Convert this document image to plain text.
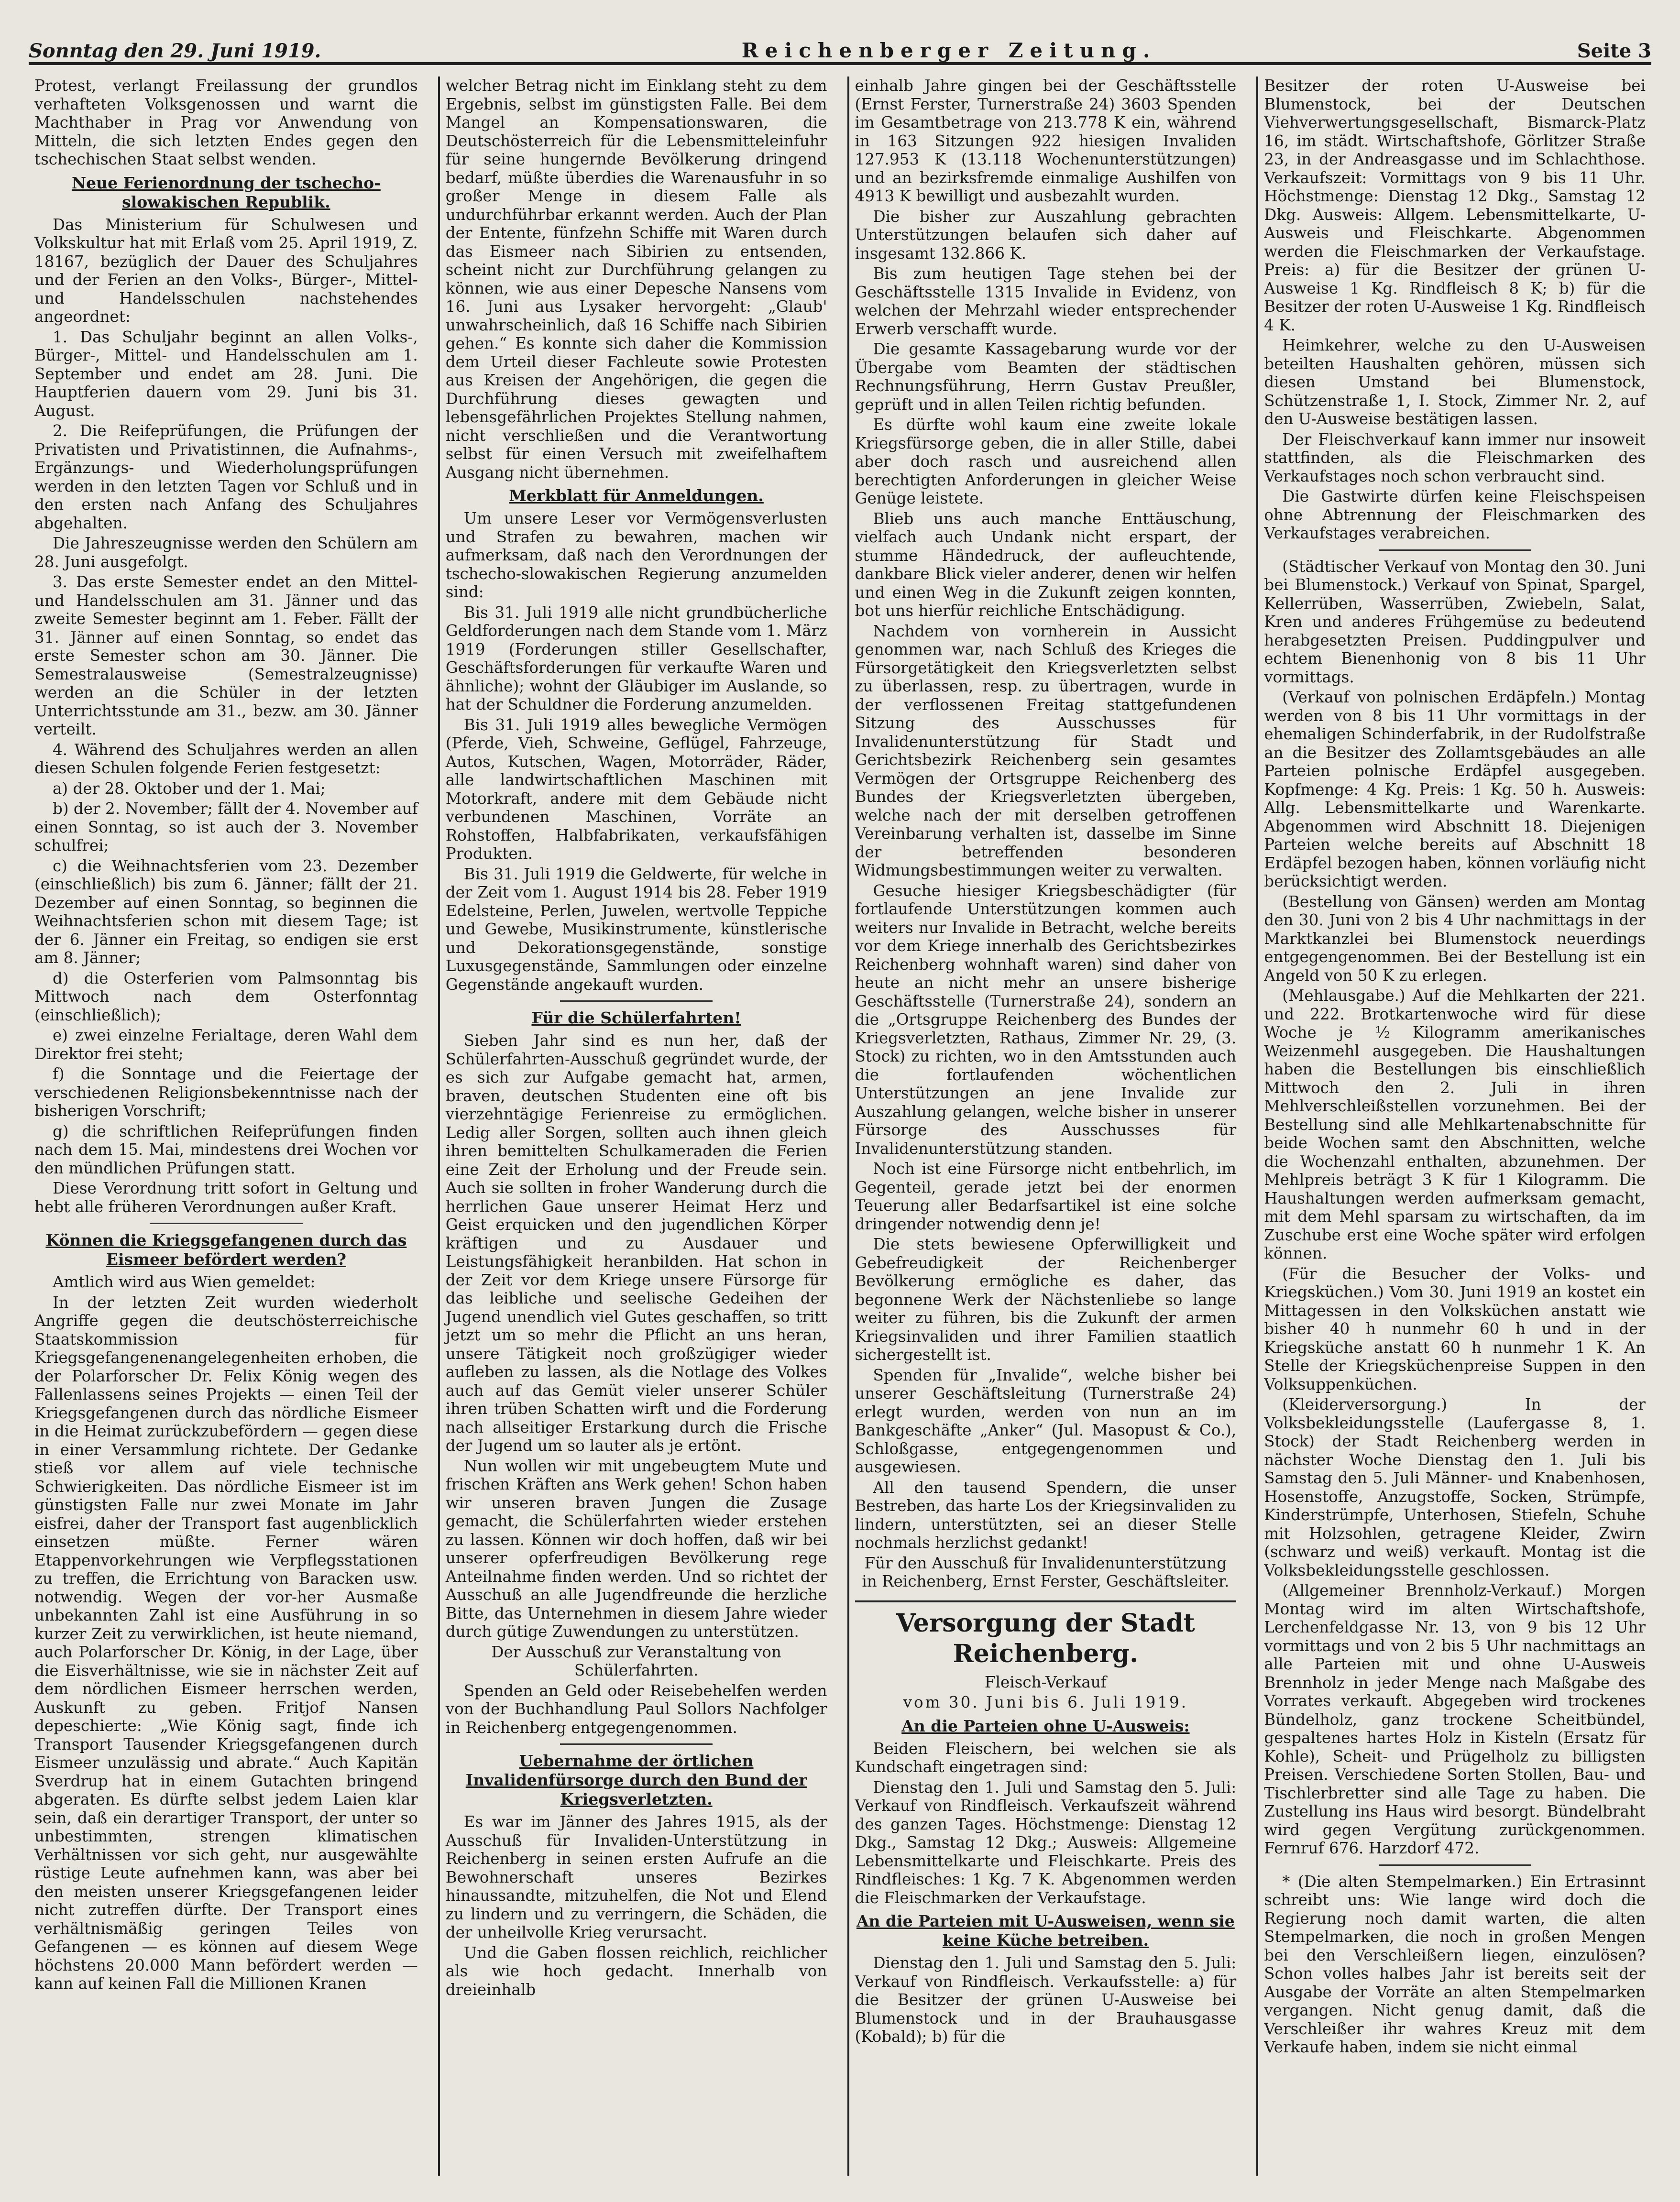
Sonntag den 29. Juni 1919.	Reichenberger Zeitung.	Seite 3

Protest, verlangt Freilassung der grundlos verhafteten Volksgenossen und warnt die Machthaber in Prag vor Anwendung von Mitteln, die sich letzten Endes gegen den tschechischen Staat selbst wenden.

Neue Ferienordnung der tschecho-slowakischen Republik.

Das Ministerium für Schulwesen und Volkskultur hat mit Erlaß vom 25. April 1919, Z. 18167, bezüglich der Dauer des Schuljahres und der Ferien an den Volks-, Bürger-, Mittel- und Handelsschulen nachstehendes angeordnet:

1. Das Schuljahr beginnt an allen Volks-, Bürger-, Mittel- und Handelsschulen am 1. September und endet am 28. Juni. Die Hauptferien dauern vom 29. Juni bis 31. August.

2. Die Reifeprüfungen, die Prüfungen der Privatisten und Privatistinnen, die Aufnahms-, Ergänzungs- und Wiederholungsprüfungen werden in den letzten Tagen vor Schluß und in den ersten nach Anfang des Schuljahres abgehalten.

Die Jahreszeugnisse werden den Schülern am 28. Juni ausgefolgt.

3. Das erste Semester endet an den Mittel- und Handelsschulen am 31. Jänner und das zweite Semester beginnt am 1. Feber. Fällt der 31. Jänner auf einen Sonntag, so endet das erste Semester schon am 30. Jänner. Die Semestralausweise (Semestralzeugnisse) werden an die Schüler in der letzten Unterrichtsstunde am 31., bezw. am 30. Jänner verteilt.

4. Während des Schuljahres werden an allen diesen Schulen folgende Ferien festgesetzt:

a) der 28. Oktober und der 1. Mai;

b) der 2. November; fällt der 4. November auf einen Sonntag, so ist auch der 3. November schulfrei;

c) die Weihnachtsferien vom 23. Dezember (einschließlich) bis zum 6. Jänner; fällt der 21. Dezember auf einen Sonntag, so beginnen die Weihnachtsferien schon mit diesem Tage; ist der 6. Jänner ein Freitag, so endigen sie erst am 8. Jänner;

d) die Osterferien vom Palmsonntag bis Mittwoch nach dem Osterfonntag (einschließlich);

e) zwei einzelne Ferialtage, deren Wahl dem Direktor frei steht;

f) die Sonntage und die Feiertage der verschiedenen Religionsbekenntnisse nach der bisherigen Vorschrift;

g) die schriftlichen Reifeprüfungen finden nach dem 15. Mai, mindestens drei Wochen vor den mündlichen Prüfungen statt.

Diese Verordnung tritt sofort in Geltung und hebt alle früheren Verordnungen außer Kraft.

Können die Kriegsgefangenen durch das Eismeer befördert werden?

Amtlich wird aus Wien gemeldet:

In der letzten Zeit wurden wiederholt Angriffe gegen die deutschösterreichische Staatskommission für Kriegsgefangenenangelegenheiten erhoben, die der Polarforscher Dr. Felix König wegen des Fallenlassens seines Projekts — einen Teil der Kriegsgefangenen durch das nördliche Eismeer in die Heimat zurückzubefördern — gegen diese in einer Versammlung richtete. Der Gedanke stieß vor allem auf viele technische Schwierigkeiten. Das nördliche Eismeer ist im günstigsten Falle nur zwei Monate im Jahr eisfrei, daher der Transport fast augenblicklich einsetzen müßte. Ferner wären Etappenvorkehrungen wie Verpflegsstationen zu treffen, die Errichtung von Baracken usw. notwendig. Wegen der vor-her Ausmaße unbekannten Zahl ist eine Ausführung in so kurzer Zeit zu verwirklichen, ist heute niemand, auch Polarforscher Dr. König, in der Lage, über die Eisverhältnisse, wie sie in nächster Zeit auf dem nördlichen Eismeer herrschen werden, Auskunft zu geben. Fritjof Nansen depeschierte: „Wie König sagt, finde ich Transport Tausender Kriegsgefangenen durch Eismeer unzulässig und abrate.“ Auch Kapitän Sverdrup hat in einem Gutachten bringend abgeraten. Es dürfte selbst jedem Laien klar sein, daß ein derartiger Transport, der unter so unbestimmten, strengen klimatischen Verhältnissen vor sich geht, nur ausgewählte rüstige Leute aufnehmen kann, was aber bei den meisten unserer Kriegsgefangenen leider nicht zutreffen dürfte. Der Transport eines verhältnismäßig geringen Teiles von Gefangenen — es können auf diesem Wege höchstens 20.000 Mann befördert werden — kann auf keinen Fall die Millionen Kranen

welcher Betrag nicht im Einklang steht zu dem Ergebnis, selbst im günstigsten Falle. Bei dem Mangel an Kompensationswaren, die Deutschösterreich für die Lebensmitteleinfuhr für seine hungernde Bevölkerung dringend bedarf, müßte überdies die Warenausfuhr in so großer Menge in diesem Falle als undurchführbar erkannt werden. Auch der Plan der Entente, fünfzehn Schiffe mit Waren durch das Eismeer nach Sibirien zu entsenden, scheint nicht zur Durchführung gelangen zu können, wie aus einer Depesche Nansens vom 16. Juni aus Lysaker hervorgeht: „Glaub' unwahrscheinlich, daß 16 Schiffe nach Sibirien gehen.“ Es konnte sich daher die Kommission dem Urteil dieser Fachleute sowie Protesten aus Kreisen der Angehörigen, die gegen die Durchführung dieses gewagten und lebensgefährlichen Projektes Stellung nahmen, nicht verschließen und die Verantwortung selbst für einen Versuch mit zweifelhaftem Ausgang nicht übernehmen.

Merkblatt für Anmeldungen.

Um unsere Leser vor Vermögensverlusten und Strafen zu bewahren, machen wir aufmerksam, daß nach den Verordnungen der tschecho-slowakischen Regierung anzumelden sind:

Bis 31. Juli 1919 alle nicht grundbücherliche Geldforderungen nach dem Stande vom 1. März 1919 (Forderungen stiller Gesellschafter, Geschäftsforderungen für verkaufte Waren und ähnliche); wohnt der Gläubiger im Auslande, so hat der Schuldner die Forderung anzumelden.

Bis 31. Juli 1919 alles bewegliche Vermögen (Pferde, Vieh, Schweine, Geflügel, Fahrzeuge, Autos, Kutschen, Wagen, Motorräder, Räder, alle landwirtschaftlichen Maschinen mit Motorkraft, andere mit dem Gebäude nicht verbundenen Maschinen, Vorräte an Rohstoffen, Halbfabrikaten, verkaufsfähigen Produkten.

Bis 31. Juli 1919 die Geldwerte, für welche in der Zeit vom 1. August 1914 bis 28. Feber 1919 Edelsteine, Perlen, Juwelen, wertvolle Teppiche und Gewebe, Musikinstrumente, künstlerische und Dekorationsgegenstände, sonstige Luxusgegenstände, Sammlungen oder einzelne Gegenstände angekauft wurden.

Für die Schülerfahrten!

Sieben Jahr sind es nun her, daß der Schülerfahrten-Ausschuß gegründet wurde, der es sich zur Aufgabe gemacht hat, armen, braven, deutschen Studenten eine oft bis vierzehntägige Ferienreise zu ermöglichen. Ledig aller Sorgen, sollten auch ihnen gleich ihren bemittelten Schulkameraden die Ferien eine Zeit der Erholung und der Freude sein. Auch sie sollten in froher Wanderung durch die herrlichen Gaue unserer Heimat Herz und Geist erquicken und den jugendlichen Körper kräftigen und zu Ausdauer und Leistungsfähigkeit heranbilden. Hat schon in der Zeit vor dem Kriege unsere Fürsorge für das leibliche und seelische Gedeihen der Jugend unendlich viel Gutes geschaffen, so tritt jetzt um so mehr die Pflicht an uns heran, unsere Tätigkeit noch großzügiger wieder aufleben zu lassen, als die Notlage des Volkes auch auf das Gemüt vieler unserer Schüler ihren trüben Schatten wirft und die Forderung nach allseitiger Erstarkung durch die Frische der Jugend um so lauter als je ertönt.

Nun wollen wir mit ungebeugtem Mute und frischen Kräften ans Werk gehen! Schon haben wir unseren braven Jungen die Zusage gemacht, die Schülerfahrten wieder erstehen zu lassen. Können wir doch hoffen, daß wir bei unserer opferfreudigen Bevölkerung rege Anteilnahme finden werden. Und so richtet der Ausschuß an alle Jugendfreunde die herzliche Bitte, das Unternehmen in diesem Jahre wieder durch gütige Zuwendungen zu unterstützen.

Der Ausschuß zur Veranstaltung von Schülerfahrten.

Spenden an Geld oder Reisebehelfen werden von der Buchhandlung Paul Sollors Nachfolger in Reichenberg entgegengenommen.

Uebernahme der örtlichen Invalidenfürsorge durch den Bund der Kriegsverletzten.

Es war im Jänner des Jahres 1915, als der Ausschuß für Invaliden-Unterstützung in Reichenberg in seinen ersten Aufrufe an die Bewohnerschaft unseres Bezirkes hinaussandte, mitzuhelfen, die Not und Elend zu lindern und zu verringern, die Schäden, die der unheilvolle Krieg verursacht.

Und die Gaben flossen reichlich, reichlicher als wie hoch gedacht. Innerhalb von dreieinhalb

einhalb Jahre gingen bei der Geschäftsstelle (Ernst Ferster, Turnerstraße 24) 3603 Spenden im Gesamtbetrage von 213.778 K ein, während in 163 Sitzungen 922 hiesigen Invaliden 127.953 K (13.118 Wochenunterstützungen) und an bezirksfremde einmalige Aushilfen von 4913 K bewilligt und ausbezahlt wurden.

Die bisher zur Auszahlung gebrachten Unterstützungen belaufen sich daher auf insgesamt 132.866 K.

Bis zum heutigen Tage stehen bei der Geschäftsstelle 1315 Invalide in Evidenz, von welchen der Mehrzahl wieder entsprechender Erwerb verschafft wurde.

Die gesamte Kassagebarung wurde vor der Übergabe vom Beamten der städtischen Rechnungsführung, Herrn Gustav Preußler, geprüft und in allen Teilen richtig befunden.

Es dürfte wohl kaum eine zweite lokale Kriegsfürsorge geben, die in aller Stille, dabei aber doch rasch und ausreichend allen berechtigten Anforderungen in gleicher Weise Genüge leistete.

Blieb uns auch manche Enttäuschung, vielfach auch Undank nicht erspart, der stumme Händedruck, der aufleuchtende, dankbare Blick vieler anderer, denen wir helfen und einen Weg in die Zukunft zeigen konnten, bot uns hierfür reichliche Entschädigung.

Nachdem von vornherein in Aussicht genommen war, nach Schluß des Krieges die Fürsorgetätigkeit den Kriegsverletzten selbst zu überlassen, resp. zu übertragen, wurde in der verflossenen Freitag stattgefundenen Sitzung des Ausschusses für Invalidenunterstützung für Stadt und Gerichtsbezirk Reichenberg sein gesamtes Vermögen der Ortsgruppe Reichenberg des Bundes der Kriegsverletzten übergeben, welche nach der mit derselben getroffenen Vereinbarung verhalten ist, dasselbe im Sinne der betreffenden besonderen Widmungsbestimmungen weiter zu verwalten.

Gesuche hiesiger Kriegsbeschädigter (für fortlaufende Unterstützungen kommen auch weiters nur Invalide in Betracht, welche bereits vor dem Kriege innerhalb des Gerichtsbezirkes Reichenberg wohnhaft waren) sind daher von heute an nicht mehr an unsere bisherige Geschäftsstelle (Turnerstraße 24), sondern an die „Ortsgruppe Reichenberg des Bundes der Kriegsverletzten, Rathaus, Zimmer Nr. 29, (3. Stock) zu richten, wo in den Amtsstunden auch die fortlaufenden wöchentlichen Unterstützungen an jene Invalide zur Auszahlung gelangen, welche bisher in unserer Fürsorge des Ausschusses für Invalidenunterstützung standen.

Noch ist eine Fürsorge nicht entbehrlich, im Gegenteil, gerade jetzt bei der enormen Teuerung aller Bedarfsartikel ist eine solche dringender notwendig denn je!

Die stets bewiesene Opferwilligkeit und Gebefreudigkeit der Reichenberger Bevölkerung ermögliche es daher, das begonnene Werk der Nächstenliebe so lange weiter zu führen, bis die Zukunft der armen Kriegsinvaliden und ihrer Familien staatlich sichergestellt ist.

Spenden für „Invalide“, welche bisher bei unserer Geschäftsleitung (Turnerstraße 24) erlegt wurden, werden von nun an im Bankgeschäfte „Anker“ (Jul. Masopust & Co.), Schloßgasse, entgegengenommen und ausgewiesen.

All den tausend Spendern, die unser Bestreben, das harte Los der Kriegsinvaliden zu lindern, unterstützten, sei an dieser Stelle nochmals herzlichst gedankt!

Für den Ausschuß für Invalidenunterstützung in Reichenberg, Ernst Ferster, Geschäftsleiter.

Versorgung der Stadt Reichenberg.

Fleisch-Verkauf

vom 30. Juni bis 6. Juli 1919.

An die Parteien ohne U-Ausweis:

Beiden Fleischern, bei welchen sie als Kundschaft eingetragen sind:

Dienstag den 1. Juli und Samstag den 5. Juli: Verkauf von Rindfleisch. Verkaufszeit während des ganzen Tages. Höchstmenge: Dienstag 12 Dkg., Samstag 12 Dkg.; Ausweis: Allgemeine Lebensmittelkarte und Fleischkarte. Preis des Rindfleisches: 1 Kg. 7 K. Abgenommen werden die Fleischmarken der Verkaufstage.

An die Parteien mit U-Ausweisen, wenn sie keine Küche betreiben.

Dienstag den 1. Juli und Samstag den 5. Juli: Verkauf von Rindfleisch. Verkaufsstelle: a) für die Besitzer der grünen U-Ausweise bei Blumenstock und in der Brauhausgasse (Kobald); b) für die

Besitzer der roten U-Ausweise bei Blumenstock, bei der Deutschen Viehverwertungsgesellschaft, Bismarck-Platz 16, im städt. Wirtschaftshofe, Görlitzer Straße 23, in der Andreasgasse und im Schlachthose. Verkaufszeit: Vormittags von 9 bis 11 Uhr. Höchstmenge: Dienstag 12 Dkg., Samstag 12 Dkg. Ausweis: Allgem. Lebensmittelkarte, U-Ausweis und Fleischkarte. Abgenommen werden die Fleischmarken der Verkaufstage. Preis: a) für die Besitzer der grünen U-Ausweise 1 Kg. Rindfleisch 8 K; b) für die Besitzer der roten U-Ausweise 1 Kg. Rindfleisch 4 K.

Heimkehrer, welche zu den U-Ausweisen beteilten Haushalten gehören, müssen sich diesen Umstand bei Blumenstock, Schützenstraße 1, I. Stock, Zimmer Nr. 2, auf den U-Ausweise bestätigen lassen.

Der Fleischverkauf kann immer nur insoweit stattfinden, als die Fleischmarken des Verkaufstages noch schon verbraucht sind.

Die Gastwirte dürfen keine Fleischspeisen ohne Abtrennung der Fleischmarken des Verkaufstages verabreichen.

(Städtischer Verkauf von Montag den 30. Juni bei Blumenstock.) Verkauf von Spinat, Spargel, Kellerrüben, Wasserrüben, Zwiebeln, Salat, Kren und anderes Frühgemüse zu bedeutend herabgesetzten Preisen. Puddingpulver und echtem Bienenhonig von 8 bis 11 Uhr vormittags.

(Verkauf von polnischen Erdäpfeln.) Montag werden von 8 bis 11 Uhr vormittags in der ehemaligen Schinderfabrik, in der Rudolfstraße an die Besitzer des Zollamtsgebäudes an alle Parteien polnische Erdäpfel ausgegeben. Kopfmenge: 4 Kg. Preis: 1 Kg. 50 h. Ausweis: Allg. Lebensmittelkarte und Warenkarte. Abgenommen wird Abschnitt 18. Diejenigen Parteien welche bereits auf Abschnitt 18 Erdäpfel bezogen haben, können vorläufig nicht berücksichtigt werden.

(Bestellung von Gänsen) werden am Montag den 30. Juni von 2 bis 4 Uhr nachmittags in der Marktkanzlei bei Blumenstock neuerdings entgegengenommen. Bei der Bestellung ist ein Angeld von 50 K zu erlegen.

(Mehlausgabe.) Auf die Mehlkarten der 221. und 222. Brotkartenwoche wird für diese Woche je ½ Kilogramm amerikanisches Weizenmehl ausgegeben. Die Haushaltungen haben die Bestellungen bis einschließlich Mittwoch den 2. Juli in ihren Mehlverschleißstellen vorzunehmen. Bei der Bestellung sind alle Mehlkartenabschnitte für beide Wochen samt den Abschnitten, welche die Wochenzahl enthalten, abzunehmen. Der Mehlpreis beträgt 3 K für 1 Kilogramm. Die Haushaltungen werden aufmerksam gemacht, mit dem Mehl sparsam zu wirtschaften, da im Zuschube erst eine Woche später wird erfolgen können.

(Für die Besucher der Volks- und Kriegsküchen.) Vom 30. Juni 1919 an kostet ein Mittagessen in den Volksküchen anstatt wie bisher 40 h nunmehr 60 h und in der Kriegsküche anstatt 60 h nunmehr 1 K. An Stelle der Kriegsküchenpreise Suppen in den Volksuppenküchen.

(Kleiderversorgung.) In der Volksbekleidungsstelle (Laufergasse 8, 1. Stock) der Stadt Reichenberg werden in nächster Woche Dienstag den 1. Juli bis Samstag den 5. Juli Männer- und Knabenhosen, Hosenstoffe, Anzugstoffe, Socken, Strümpfe, Kinderstrümpfe, Unterhosen, Stiefeln, Schuhe mit Holzsohlen, getragene Kleider, Zwirn (schwarz und weiß) verkauft. Montag ist die Volksbekleidungsstelle geschlossen.

(Allgemeiner Brennholz-Verkauf.) Morgen Montag wird im alten Wirtschaftshofe, Lerchenfeldgasse Nr. 13, von 9 bis 12 Uhr vormittags und von 2 bis 5 Uhr nachmittags an alle Parteien mit und ohne U-Ausweis Brennholz in jeder Menge nach Maßgabe des Vorrates verkauft. Abgegeben wird trockenes Bündelholz, ganz trockene Scheitbündel, gespaltenes hartes Holz in Kisteln (Ersatz für Kohle), Scheit- und Prügelholz zu billigsten Preisen. Verschiedene Sorten Stollen, Bau- und Tischlerbretter sind alle Tage zu haben. Die Zustellung ins Haus wird besorgt. Bündelbraht wird gegen Vergütung zurückgenommen. Fernruf 676. Harzdorf 472.

* (Die alten Stempelmarken.) Ein Ertrasinnt schreibt uns: Wie lange wird doch die Regierung noch damit warten, die alten Stempelmarken, die noch in großen Mengen bei den Verschleißern liegen, einzulösen? Schon volles halbes Jahr ist bereits seit der Ausgabe der Vorräte an alten Stempelmarken vergangen. Nicht genug damit, daß die Verschleißer ihr wahres Kreuz mit dem Verkaufe haben, indem sie nicht einmal
